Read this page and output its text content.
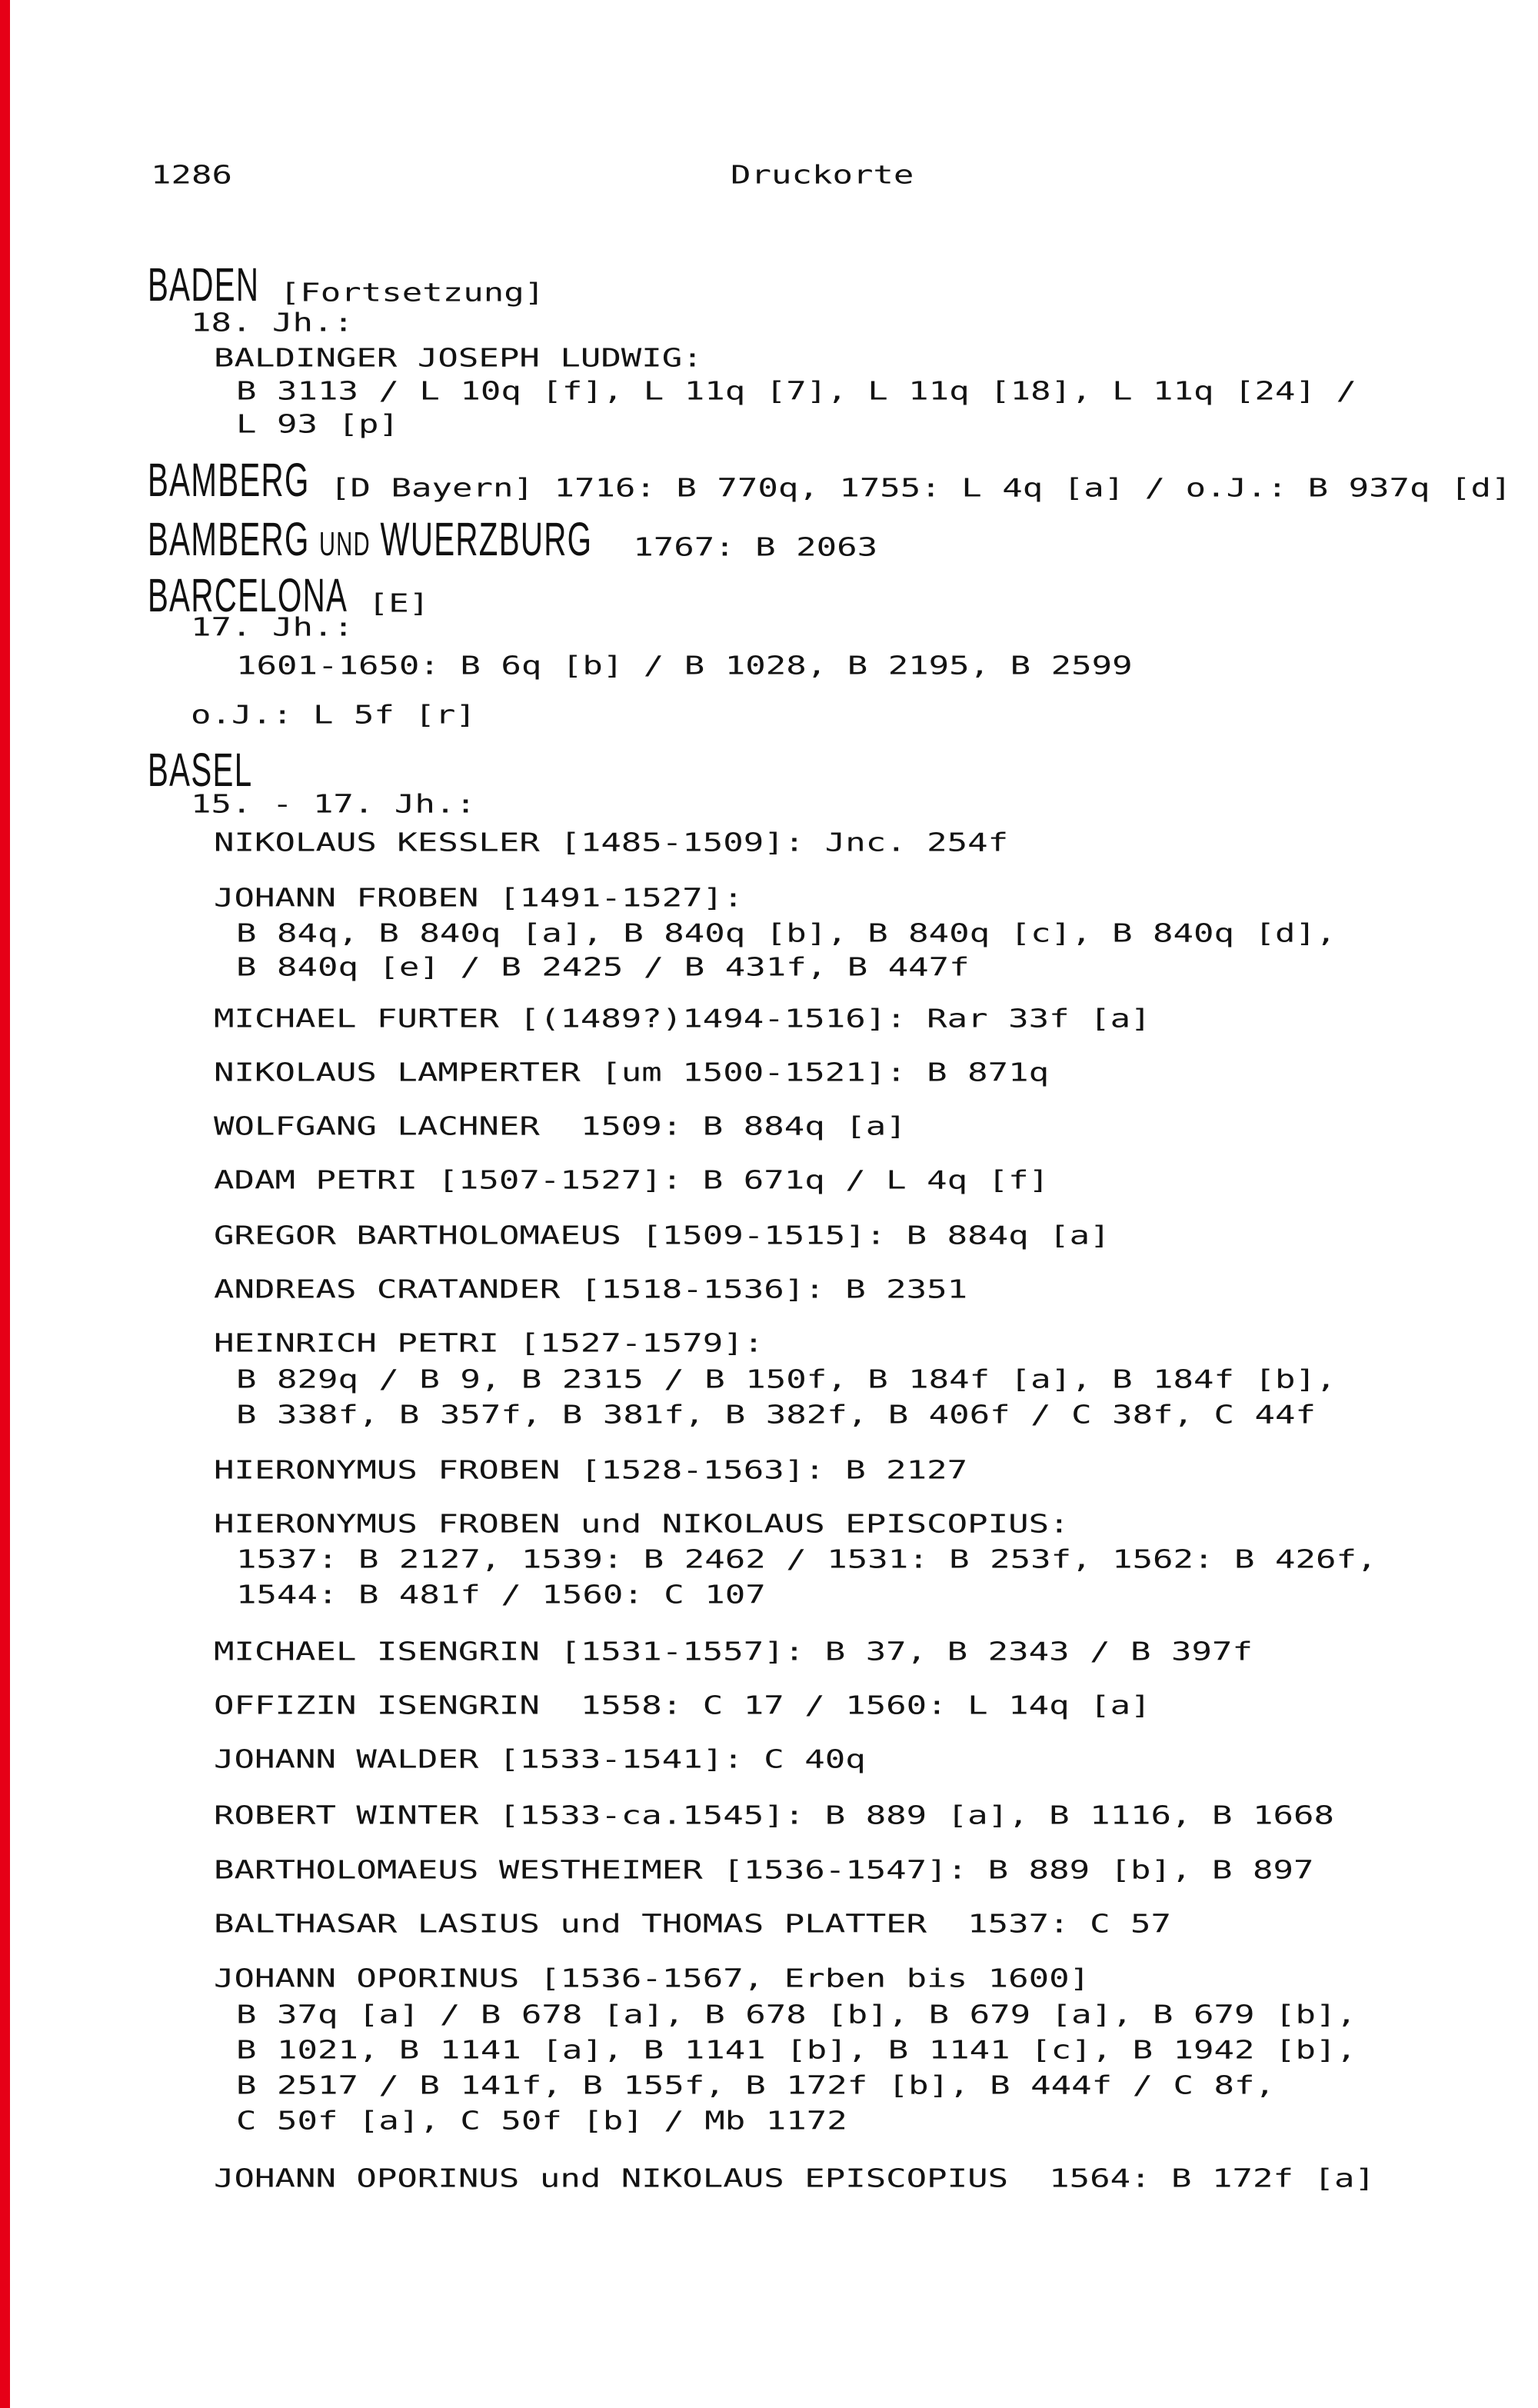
1286	Druckorte
BADEN [Fortsetzung]
18. Jh.:
BALDINGER JOSEPH LUDWIG:
B 3113 / L 10q [f], L 11q [7], L 11q [18], L 11q [24] /
L 93 [p]
BAMBERG [D Bayern] 1716: B 770q, 1755: L 4q [a] / o.J.: B 937q [d]
BAMBERG UND WUERZBURG  1767: B 2063
BARCELONA [E]
17. Jh.:
1601-1650: B 6q [b] / B 1028, B 2195, B 2599
o.J.: L 5f [r]
BASEL
15. - 17. Jh.:
NIKOLAUS KESSLER [1485-1509]: Jnc. 254f
JOHANN FROBEN [1491-1527]:
B 84q, B 840q [a], B 840q [b], B 840q [c], B 840q [d],
B 840q [e] / B 2425 / B 431f, B 447f
MICHAEL FURTER [(1489?)1494-1516]: Rar 33f [a]
NIKOLAUS LAMPERTER [um 1500-1521]: B 871q
WOLFGANG LACHNER  1509: B 884q [a]
ADAM PETRI [1507-1527]: B 671q / L 4q [f]
GREGOR BARTHOLOMAEUS [1509-1515]: B 884q [a]
ANDREAS CRATANDER [1518-1536]: B 2351
HEINRICH PETRI [1527-1579]:
B 829q / B 9, B 2315 / B 150f, B 184f [a], B 184f [b],
B 338f, B 357f, B 381f, B 382f, B 406f / C 38f, C 44f
HIERONYMUS FROBEN [1528-1563]: B 2127
HIERONYMUS FROBEN und NIKOLAUS EPISCOPIUS:
1537: B 2127, 1539: B 2462 / 1531: B 253f, 1562: B 426f,
1544: B 481f / 1560: C 107
MICHAEL ISENGRIN [1531-1557]: B 37, B 2343 / B 397f
OFFIZIN ISENGRIN  1558: C 17 / 1560: L 14q [a]
JOHANN WALDER [1533-1541]: C 40q
ROBERT WINTER [1533-ca.1545]: B 889 [a], B 1116, B 1668
BARTHOLOMAEUS WESTHEIMER [1536-1547]: B 889 [b], B 897
BALTHASAR LASIUS und THOMAS PLATTER  1537: C 57
JOHANN OPORINUS [1536-1567, Erben bis 1600]
B 37q [a] / B 678 [a], B 678 [b], B 679 [a], B 679 [b],
B 1021, B 1141 [a], B 1141 [b], B 1141 [c], B 1942 [b],
B 2517 / B 141f, B 155f, B 172f [b], B 444f / C 8f,
C 50f [a], C 50f [b] / Mb 1172
JOHANN OPORINUS und NIKOLAUS EPISCOPIUS  1564: B 172f [a]
